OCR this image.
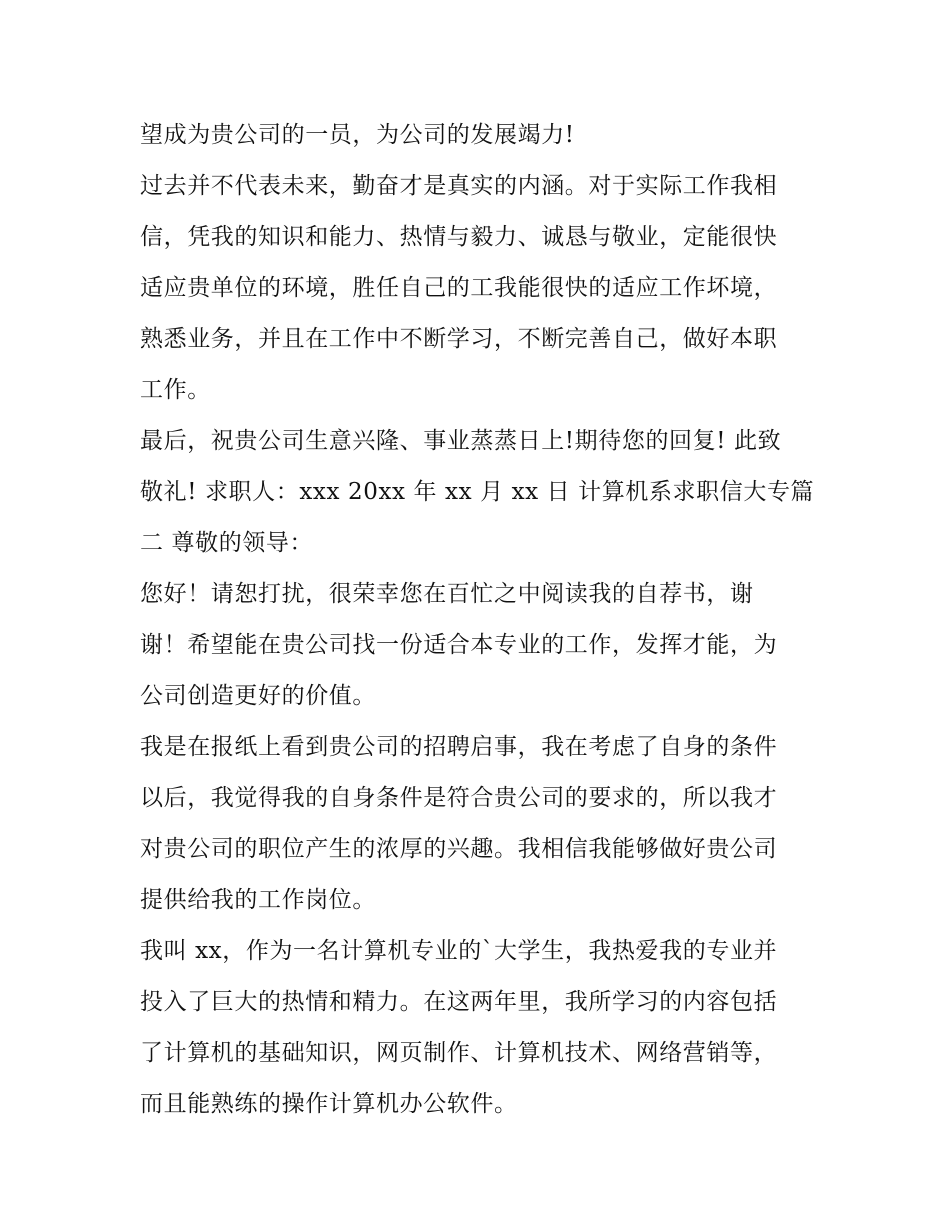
望成为贵公司的一员，为公司的发展竭力!
过去并不代表未来，勤奋才是真实的内涵。对于实际工作我相
信，凭我的知识和能力、热情与毅力、诚恳与敬业，定能很快
适应贵单位的环境，胜任自己的工我能很快的适应工作坏境，
熟悉业务，并且在工作中不断学习，不断完善自己，做好本职
工作。
最后，祝贵公司生意兴隆、事业蒸蒸日上!期待您的回复! 此致
敬礼! 求职人：xxx 20xx 年 xx 月 xx 日 计算机系求职信大专篇
二 尊敬的领导：
您好！请恕打扰，很荣幸您在百忙之中阅读我的自荐书，谢
谢！希望能在贵公司找一份适合本专业的工作，发挥才能，为
公司创造更好的价值。
我是在报纸上看到贵公司的招聘启事，我在考虑了自身的条件
以后，我觉得我的自身条件是符合贵公司的要求的，所以我才
对贵公司的职位产生的浓厚的兴趣。我相信我能够做好贵公司
提供给我的工作岗位。
我叫 xx，作为一名计算机专业的`大学生，我热爱我的专业并
投入了巨大的热情和精力。在这两年里，我所学习的内容包括
了计算机的基础知识，网页制作、计算机技术、网络营销等，
而且能熟练的操作计算机办公软件。
